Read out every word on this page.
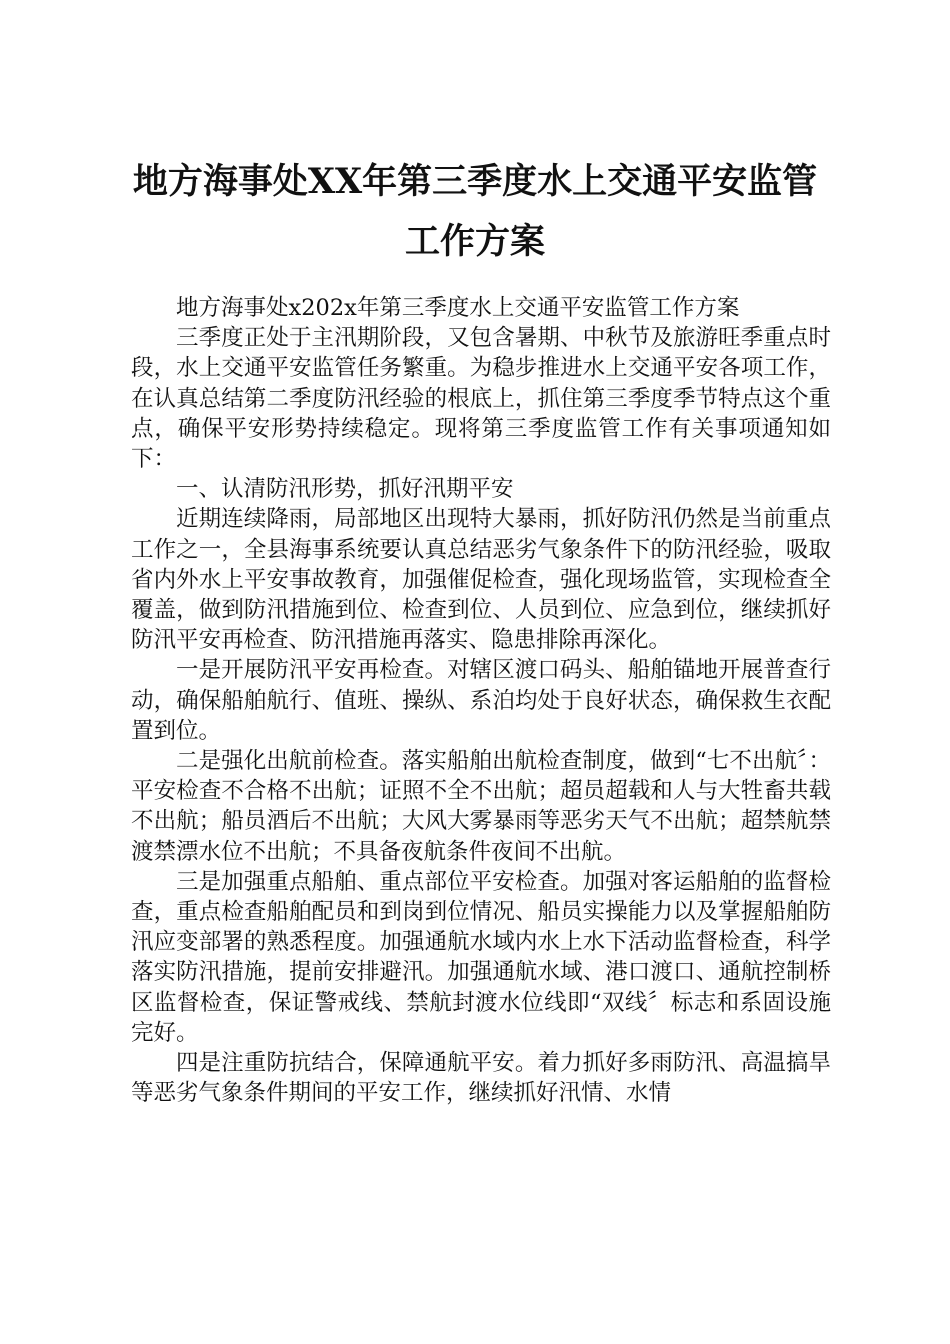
地方海事处XX年第三季度水上交通平安监管
工作方案

地方海事处x202x年第三季度水上交通平安监管工作方案

三季度正处于主汛期阶段，又包含暑期、中秋节及旅游旺季重点时段，水上交通平安监管任务繁重。为稳步推进水上交通平安各项工作，在认真总结第二季度防汛经验的根底上，抓住第三季度季节特点这个重点，确保平安形势持续稳定。现将第三季度监管工作有关事项通知如下：

一、认清防汛形势，抓好汛期平安

近期连续降雨，局部地区出现特大暴雨，抓好防汛仍然是当前重点工作之一，全县海事系统要认真总结恶劣气象条件下的防汛经验，吸取省内外水上平安事故教育，加强催促检查，强化现场监管，实现检查全覆盖，做到防汛措施到位、检查到位、人员到位、应急到位，继续抓好防汛平安再检查、防汛措施再落实、隐患排除再深化。

一是开展防汛平安再检查。对辖区渡口码头、船舶锚地开展普查行动，确保船舶航行、值班、操纵、系泊均处于良好状态，确保救生衣配置到位。

二是强化出航前检查。落实船舶出航检查制度，做到“七不出航〞：平安检查不合格不出航；证照不全不出航；超员超载和人与大牲畜共载不出航；船员酒后不出航；大风大雾暴雨等恶劣天气不出航；超禁航禁渡禁漂水位不出航；不具备夜航条件夜间不出航。

三是加强重点船舶、重点部位平安检查。加强对客运船舶的监督检查，重点检查船舶配员和到岗到位情况、船员实操能力以及掌握船舶防汛应变部署的熟悉程度。加强通航水域内水上水下活动监督检查，科学落实防汛措施，提前安排避汛。加强通航水域、港口渡口、通航控制桥区监督检查，保证警戒线、禁航封渡水位线即“双线〞标志和系固设施完好。

四是注重防抗结合，保障通航平安。着力抓好多雨防汛、高温搞旱等恶劣气象条件期间的平安工作，继续抓好汛情、水情
